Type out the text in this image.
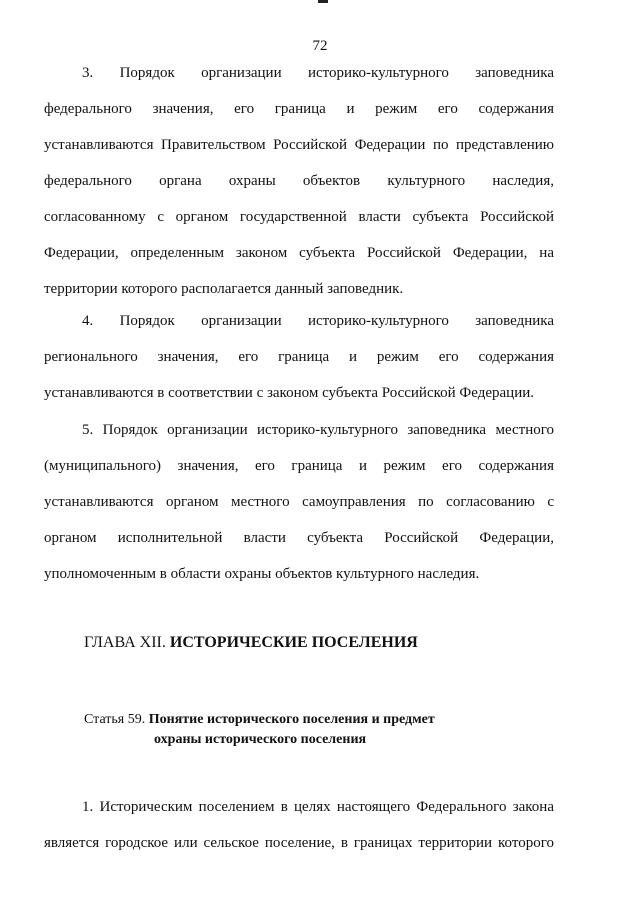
72
3. Порядок организации историко-культурного заповедника
федерального значения, его граница и режим его содержания
устанавливаются Правительством Российской Федерации по представлению
федерального органа охраны объектов культурного наследия,
согласованному с органом государственной власти субъекта Российской
Федерации, определенным законом субъекта Российской Федерации, на
территории которого располагается данный заповедник.
4. Порядок организации историко-культурного заповедника
регионального значения, его граница и режим его содержания
устанавливаются в соответствии с законом субъекта Российской Федерации.
5. Порядок организации историко-культурного заповедника местного
(муниципального) значения, его граница и режим его содержания
устанавливаются органом местного самоуправления по согласованию с
органом исполнительной власти субъекта Российской Федерации,
уполномоченным в области охраны объектов культурного наследия.
ГЛАВА XII. ИСТОРИЧЕСКИЕ ПОСЕЛЕНИЯ
Статья 59. Понятие исторического поселения и предмет
охраны исторического поселения
1. Историческим поселением в целях настоящего Федерального закона
является городское или сельское поселение, в границах территории которого
